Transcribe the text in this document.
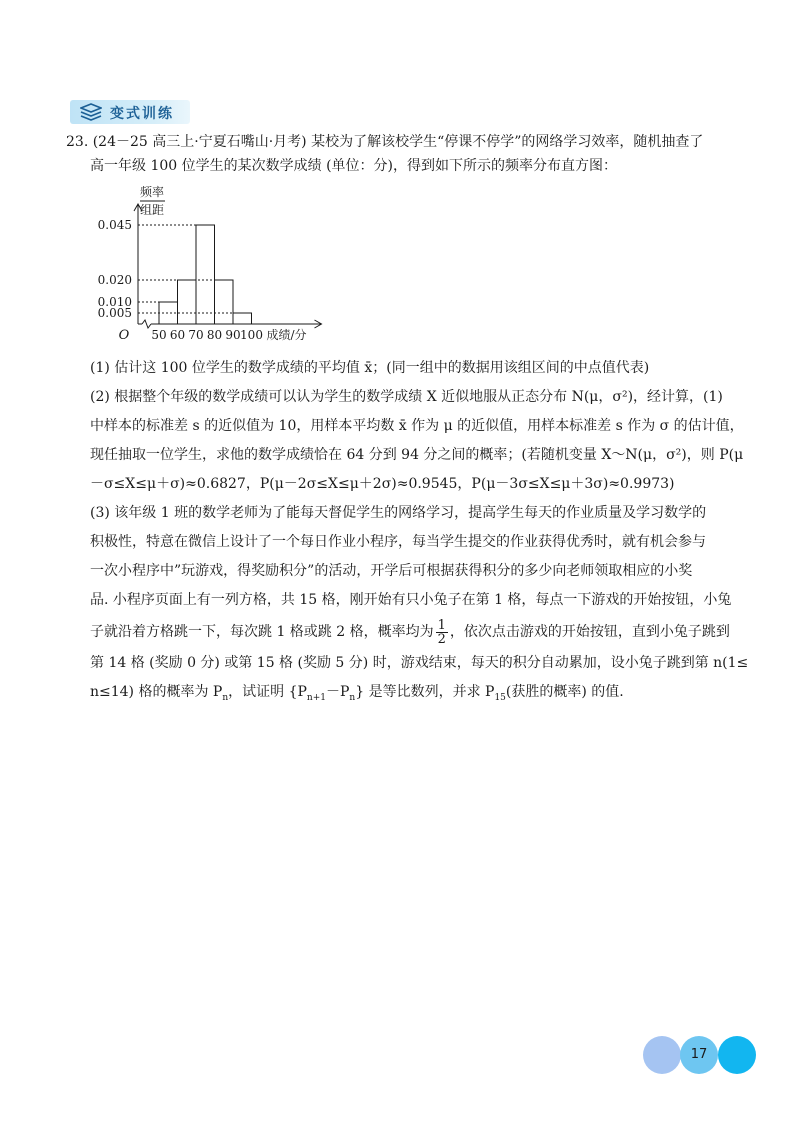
变式训练
23. (24－25 高三上·宁夏石嘴山·月考) 某校为了解该校学生“停课不停学”的网络学习效率，随机抽查了
高一年级 100 位学生的某次数学成绩 (单位：分)，得到如下所示的频率分布直方图：
0.045
0.020
0.010
0.005
50 60 70 80 90 100 成绩/分
O
频率
组距
(1) 估计这 100 位学生的数学成绩的平均值 x̄；(同一组中的数据用该组区间的中点值代表)
(2) 根据整个年级的数学成绩可以认为学生的数学成绩 X 近似地服从正态分布 N(μ，σ²)，经计算，(1)
中样本的标准差 s 的近似值为 10，用样本平均数 x̄ 作为 μ 的近似值，用样本标准差 s 作为 σ 的估计值，
现任抽取一位学生，求他的数学成绩恰在 64 分到 94 分之间的概率；(若随机变量 X～N(μ，σ²)，则 P(μ
－σ≤X≤μ＋σ)≈0.6827，P(μ－2σ≤X≤μ＋2σ)≈0.9545，P(μ－3σ≤X≤μ＋3σ)≈0.9973)
(3) 该年级 1 班的数学老师为了能每天督促学生的网络学习，提高学生每天的作业质量及学习数学的
积极性，特意在微信上设计了一个每日作业小程序，每当学生提交的作业获得优秀时，就有机会参与
一次小程序中”玩游戏，得奖励积分”的活动，开学后可根据获得积分的多少向老师领取相应的小奖
品. 小程序页面上有一列方格，共 15 格，刚开始有只小兔子在第 1 格，每点一下游戏的开始按钮，小兔
子就沿着方格跳一下，每次跳 1 格或跳 2 格，概率均为 $\frac{1}{2}$ ，依次点击游戏的开始按钮，直到小兔子跳到
第 14 格 (奖励 0 分) 或第 15 格 (奖励 5 分) 时，游戏结束，每天的积分自动累加，设小兔子跳到第 n(1≤
n≤14) 格的概率为 $P_n$，试证明 $\{P_{n+1}-P_n\}$ 是等比数列，并求 $P_{15}$(获胜的概率) 的值.
17
